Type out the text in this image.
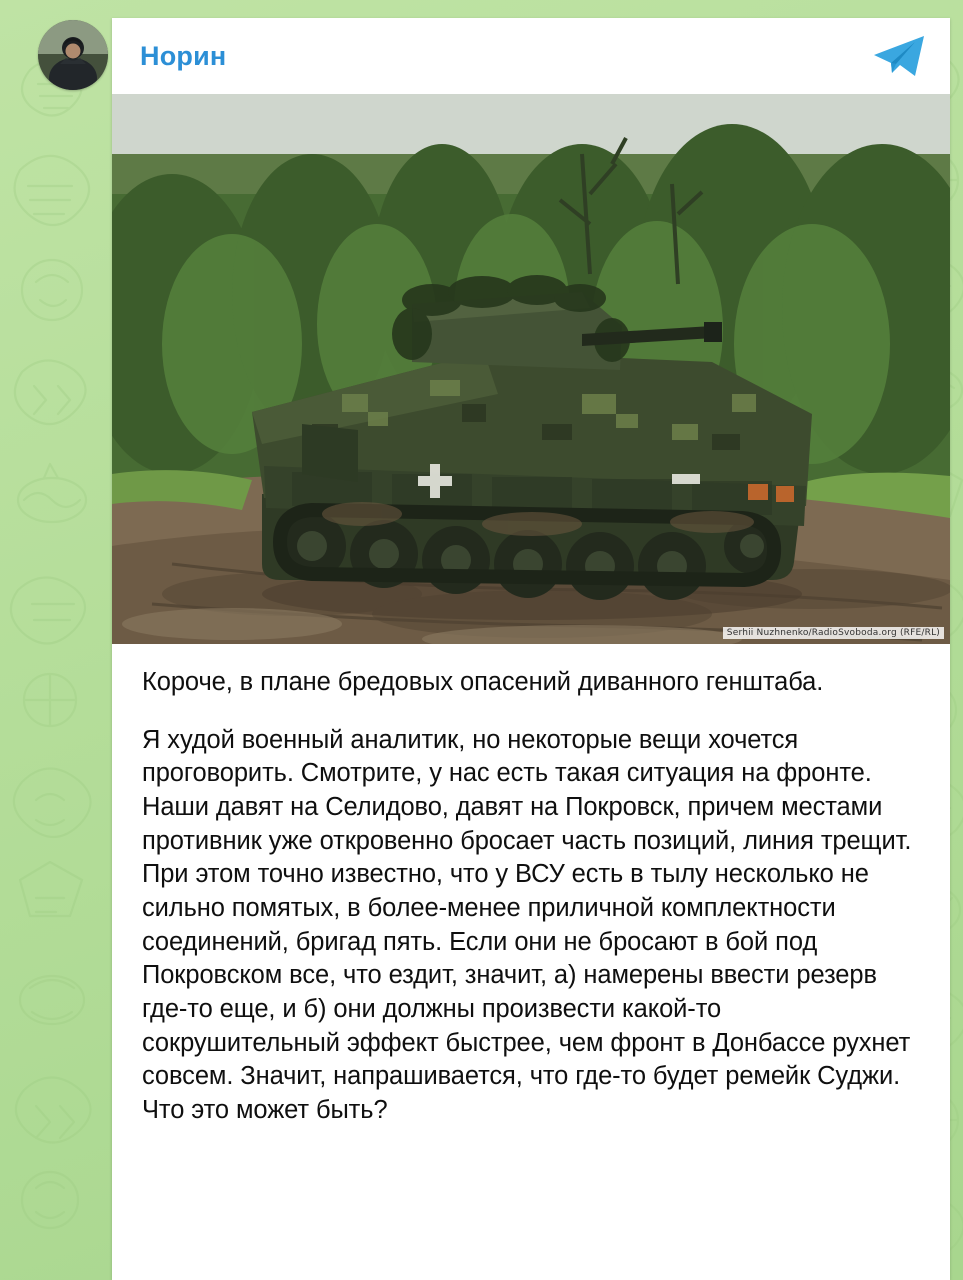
Норин
Serhii Nuzhnenko/RadioSvoboda.org (RFE/RL)

Короче, в плане бредовых опасений диванного генштаба.

Я худой военный аналитик, но некоторые вещи хочется проговорить. Смотрите, у нас есть такая ситуация на фронте. Наши давят на Селидово, давят на Покровск, причем местами противник уже откровенно бросает часть позиций, линия трещит. При этом точно известно, что у ВСУ есть в тылу несколько не сильно помятых, в более-менее приличной комплектности соединений, бригад пять. Если они не бросают в бой под Покровском все, что ездит, значит, а) намерены ввести резерв где-то еще, и б) они должны произвести какой-то сокрушительный эффект быстрее, чем фронт в Донбассе рухнет совсем. Значит, напрашивается, что где-то будет ремейк Суджи. Что это может быть?
